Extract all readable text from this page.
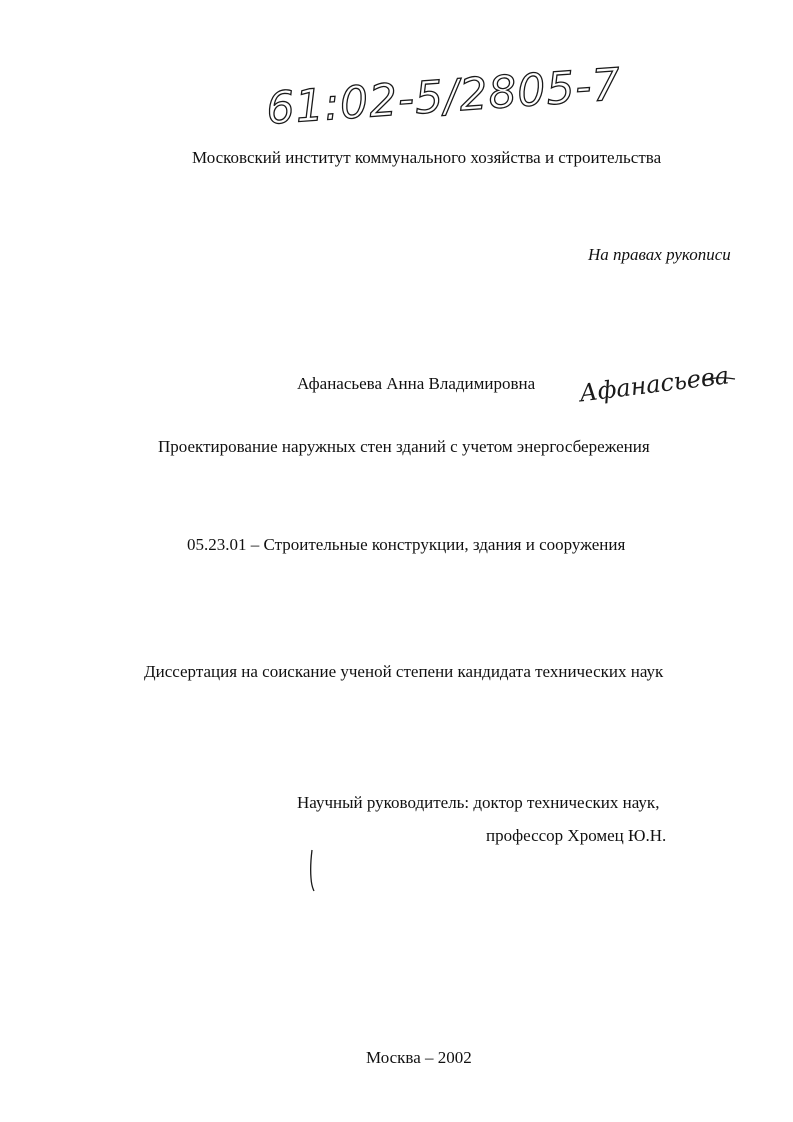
61:02-5/2805-7
Московский институт коммунального хозяйства и строительства
На правах рукописи
Афанасьева Анна Владимировна Афанасьева
Проектирование наружных стен зданий с учетом энергосбережения
05.23.01 – Строительные конструкции, здания и сооружения
Диссертация на соискание ученой степени кандидата технических наук
Научный руководитель: доктор технических наук,
профессор Хромец Ю.Н.
Москва – 2002
